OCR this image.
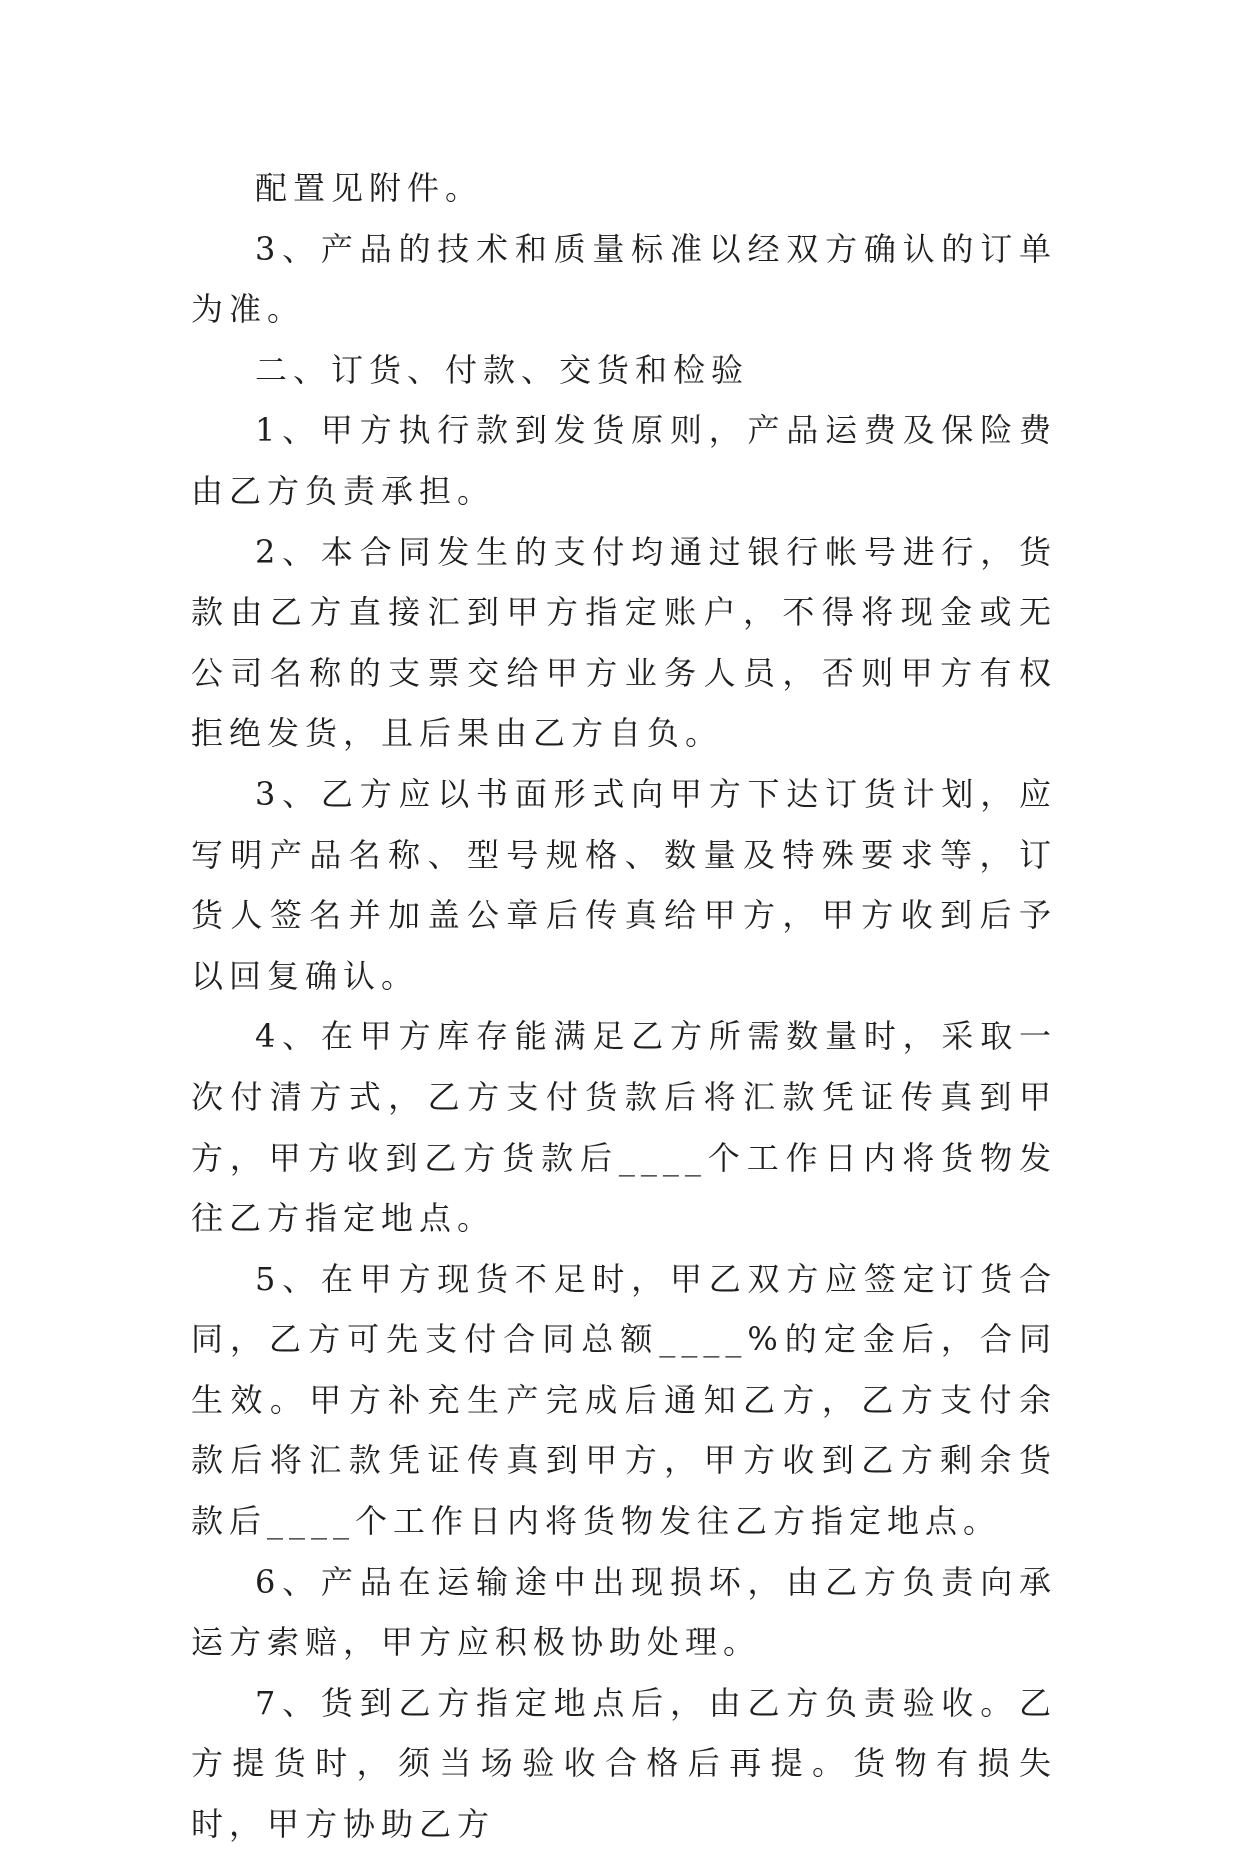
配置见附件。

3、产品的技术和质量标准以经双方确认的订单为准。

二、订货、付款、交货和检验

1、甲方执行款到发货原则，产品运费及保险费由乙方负责承担。

2、本合同发生的支付均通过银行帐号进行，货款由乙方直接汇到甲方指定账户，不得将现金或无公司名称的支票交给甲方业务人员，否则甲方有权拒绝发货，且后果由乙方自负。

3、乙方应以书面形式向甲方下达订货计划，应写明产品名称、型号规格、数量及特殊要求等，订货人签名并加盖公章后传真给甲方，甲方收到后予以回复确认。

4、在甲方库存能满足乙方所需数量时，采取一次付清方式，乙方支付货款后将汇款凭证传真到甲方，甲方收到乙方货款后____个工作日内将货物发往乙方指定地点。

5、在甲方现货不足时，甲乙双方应签定订货合同，乙方可先支付合同总额____%的定金后，合同生效。甲方补充生产完成后通知乙方，乙方支付余款后将汇款凭证传真到甲方，甲方收到乙方剩余货款后____个工作日内将货物发往乙方指定地点。

6、产品在运输途中出现损坏，由乙方负责向承运方索赔，甲方应积极协助处理。

7、货到乙方指定地点后，由乙方负责验收。乙方提货时，须当场验收合格后再提。货物有损失时，甲方协助乙方
